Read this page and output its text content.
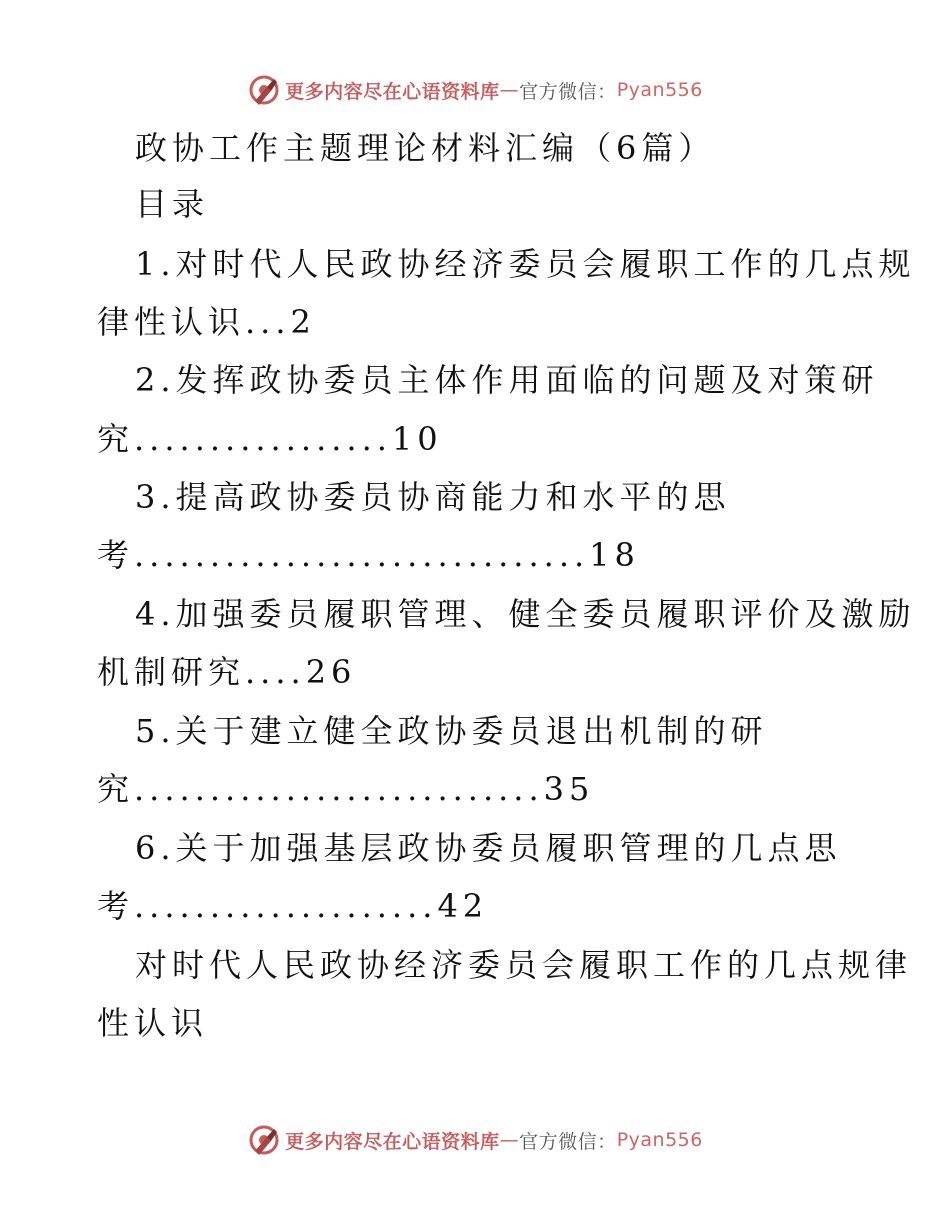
更多内容尽在心语资料库 — 官方微信： Pyan556
政协工作主题理论材料汇编（6篇）
目录
1.对时代人民政协经济委员会履职工作的几点规
律性认识...2
2.发挥政协委员主体作用面临的问题及对策研
究.................10
3.提高政协委员协商能力和水平的思
考..............................18
4.加强委员履职管理、健全委员履职评价及激励
机制研究....26
5.关于建立健全政协委员退出机制的研
究...........................35
6.关于加强基层政协委员履职管理的几点思
考....................42
对时代人民政协经济委员会履职工作的几点规律
性认识
更多内容尽在心语资料库 — 官方微信： Pyan556
